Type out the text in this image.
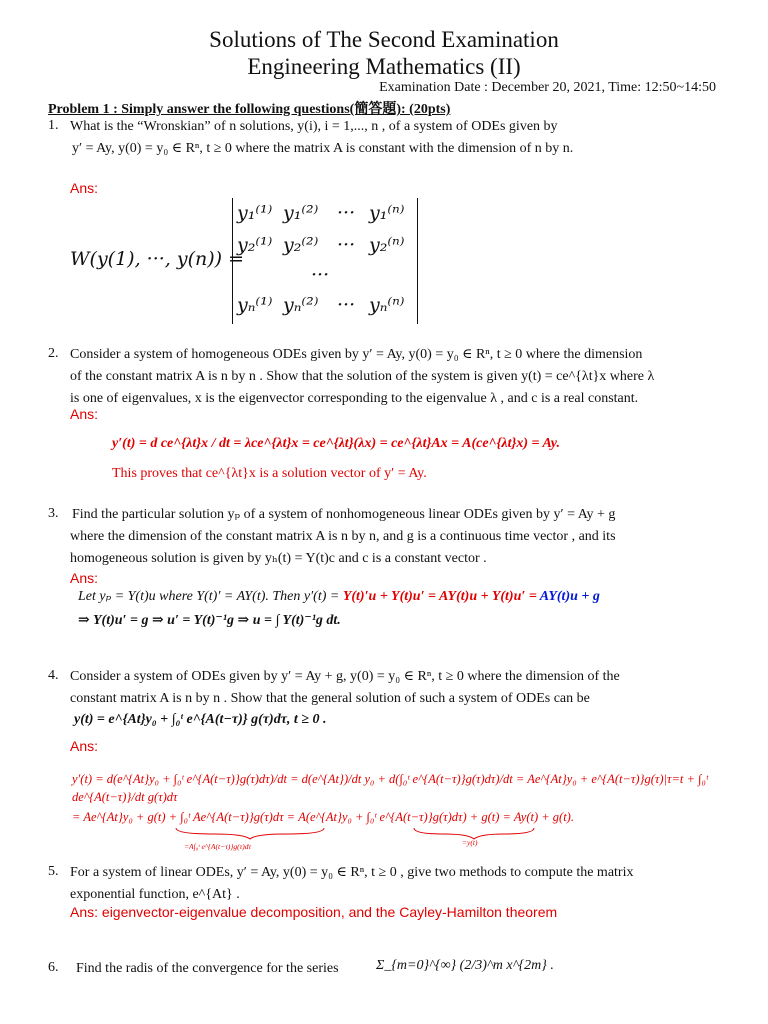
Solutions of The Second Examination
Engineering Mathematics (II)
Examination Date : December 20, 2021, Time: 12:50~14:50
Problem 1 : Simply answer the following questions(簡答題): (20pts)
1. What is the “Wronskian” of n solutions, y(i), i = 1,..., n , of a system of ODEs given by
y′ = Ay, y(0) = y₀ ∈ Rⁿ, t ≥ 0 where the matrix A is constant with the dimension of n by n.
Ans:
W(y(1), ···, y(n)) =
y₁⁽¹⁾ y₁⁽²⁾ ··· y₁⁽ⁿ⁾
y₂⁽¹⁾ y₂⁽²⁾ ··· y₂⁽ⁿ⁾
···
yₙ⁽¹⁾ yₙ⁽²⁾ ··· yₙ⁽ⁿ⁾
2. Consider a system of homogeneous ODEs given by y′ = Ay, y(0) = y₀ ∈ Rⁿ, t ≥ 0 where the dimension
of the constant matrix A is n by n . Show that the solution of the system is given y(t) = ce^{λt}x where λ
is one of eigenvalues, x is the eigenvector corresponding to the eigenvalue λ , and c is a real constant.
Ans:
y′(t) = d ce^{λt}x / dt = λce^{λt}x = ce^{λt}(λx) = ce^{λt}Ax = A(ce^{λt}x) = Ay.
This proves that ce^{λt}x is a solution vector of y′ = Ay.
3. Find the particular solution yₚ of a system of nonhomogeneous linear ODEs given by y′ = Ay + g
where the dimension of the constant matrix A is n by n, and g is a continuous time vector , and its
homogeneous solution is given by yₕ(t) = Y(t)c and c is a constant vector .
Ans:
Let yₚ = Y(t)u where Y(t)′ = AY(t). Then y′(t) = Y(t)′u + Y(t)u′ = AY(t)u + Y(t)u′ = AY(t)u + g
⇒ Y(t)u′ = g ⇒ u′ = Y(t)⁻¹g ⇒ u = ∫ Y(t)⁻¹g dt.
4. Consider a system of ODEs given by y′ = Ay + g, y(0) = y₀ ∈ Rⁿ, t ≥ 0 where the dimension of the
constant matrix A is n by n . Show that the general solution of such a system of ODEs can be
y(t) = e^{At}y₀ + ∫₀ᵗ e^{A(t−τ)} g(τ)dτ, t ≥ 0 .
Ans:
y′(t) = d(e^{At}y₀ + ∫₀ᵗ e^{A(t−τ)}g(τ)dτ)/dt = d(e^{At})/dt y₀ + d(∫₀ᵗ e^{A(t−τ)}g(τ)dτ)/dt = Ae^{At}y₀ + e^{A(t−τ)}g(τ)|τ=t + ∫₀ᵗ de^{A(t−τ)}/dt g(τ)dτ
= Ae^{At}y₀ + g(t) + ∫₀ᵗ Ae^{A(t−τ)}g(τ)dτ = A(e^{At}y₀ + ∫₀ᵗ e^{A(t−τ)}g(τ)dτ) + g(t) = Ay(t) + g(t).
=A∫₀ᵗ e^{A(t−τ)}g(τ)dτ	=y(t)
5. For a system of linear ODEs, y′ = Ay, y(0) = y₀ ∈ Rⁿ, t ≥ 0 , give two methods to compute the matrix
exponential function, e^{At} .
Ans: eigenvector-eigenvalue decomposition, and the Cayley-Hamilton theorem
6. Find the radis of the convergence for the series	Σ_{m=0}^{∞} (2/3)^m x^{2m} .
